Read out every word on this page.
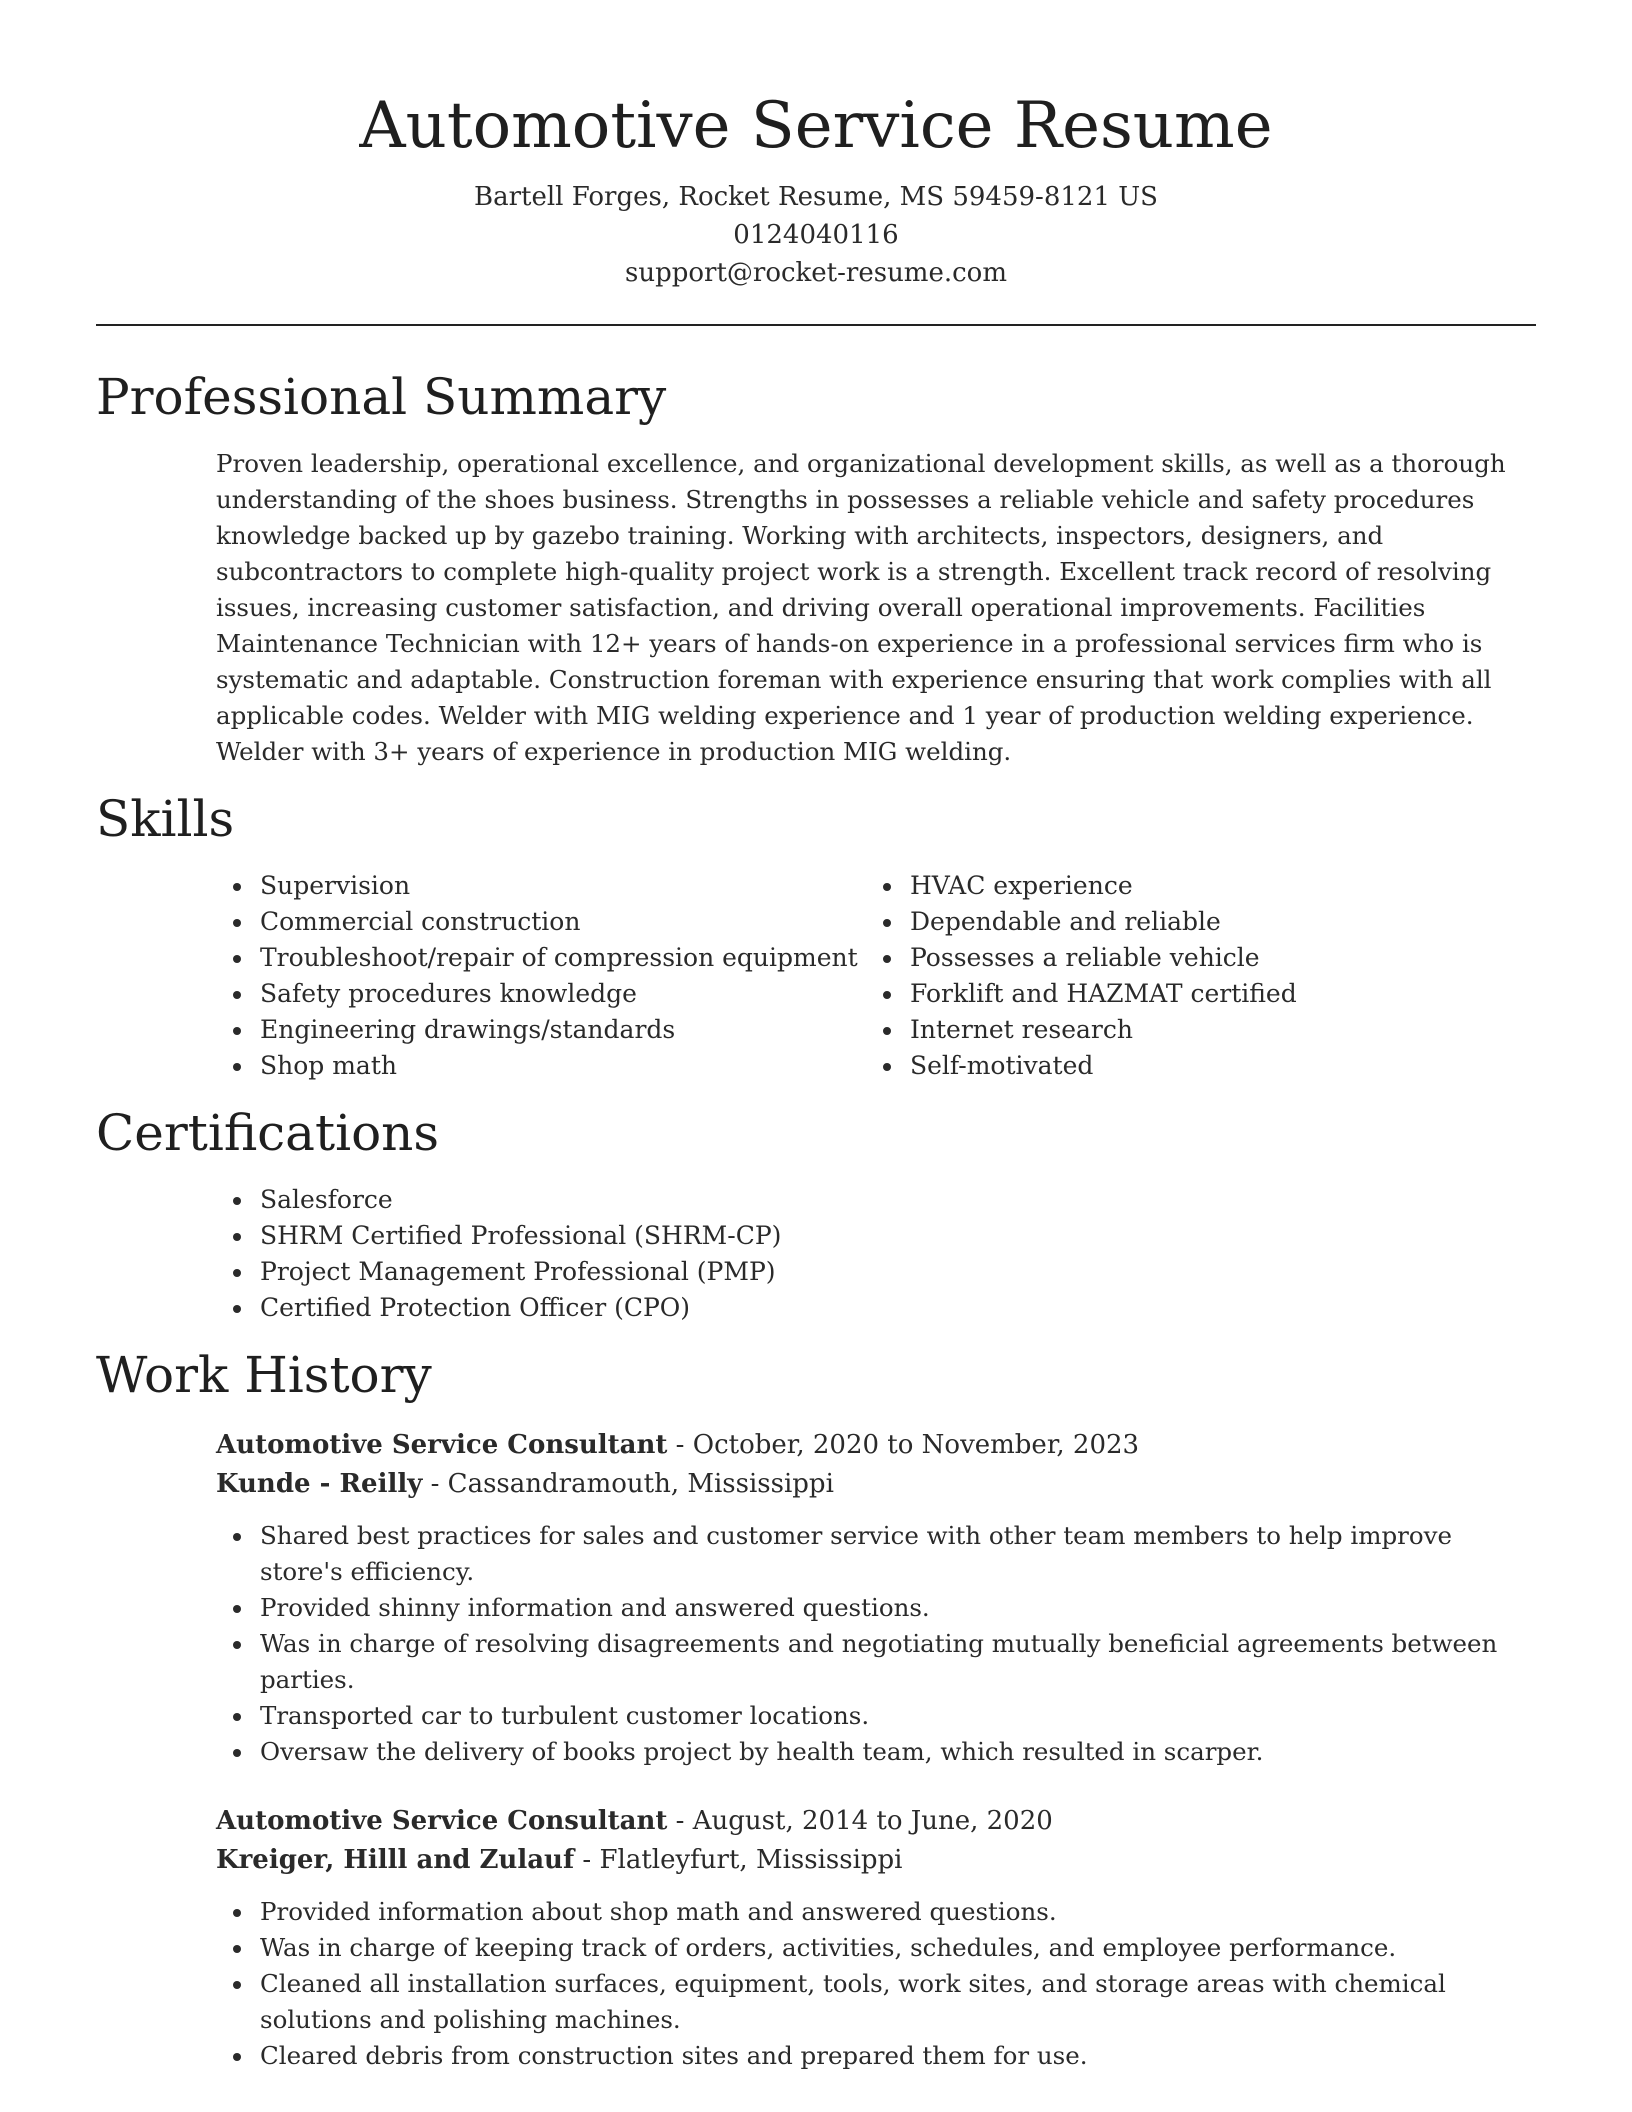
Automotive Service Resume
Bartell Forges, Rocket Resume, MS 59459-8121 US
0124040116
support@rocket-resume.com
Professional Summary
Proven leadership, operational excellence, and organizational development skills, as well as a thorough understanding of the shoes business. Strengths in possesses a reliable vehicle and safety procedures knowledge backed up by gazebo training. Working with architects, inspectors, designers, and subcontractors to complete high-quality project work is a strength. Excellent track record of resolving issues, increasing customer satisfaction, and driving overall operational improvements. Facilities Maintenance Technician with 12+ years of hands-on experience in a professional services firm who is systematic and adaptable. Construction foreman with experience ensuring that work complies with all applicable codes. Welder with MIG welding experience and 1 year of production welding experience. Welder with 3+ years of experience in production MIG welding.
Skills
Supervision
Commercial construction
Troubleshoot/repair of compression equipment
Safety procedures knowledge
Engineering drawings/standards
Shop math
HVAC experience
Dependable and reliable
Possesses a reliable vehicle
Forklift and HAZMAT certified
Internet research
Self-motivated
Certifications
Salesforce
SHRM Certified Professional (SHRM-CP)
Project Management Professional (PMP)
Certified Protection Officer (CPO)
Work History
Automotive Service Consultant - October, 2020 to November, 2023
Kunde - Reilly - Cassandramouth, Mississippi
Shared best practices for sales and customer service with other team members to help improve store's efficiency.
Provided shinny information and answered questions.
Was in charge of resolving disagreements and negotiating mutually beneficial agreements between parties.
Transported car to turbulent customer locations.
Oversaw the delivery of books project by health team, which resulted in scarper.
Automotive Service Consultant - August, 2014 to June, 2020
Kreiger, Hilll and Zulauf - Flatleyfurt, Mississippi
Provided information about shop math and answered questions.
Was in charge of keeping track of orders, activities, schedules, and employee performance.
Cleaned all installation surfaces, equipment, tools, work sites, and storage areas with chemical solutions and polishing machines.
Cleared debris from construction sites and prepared them for use.
